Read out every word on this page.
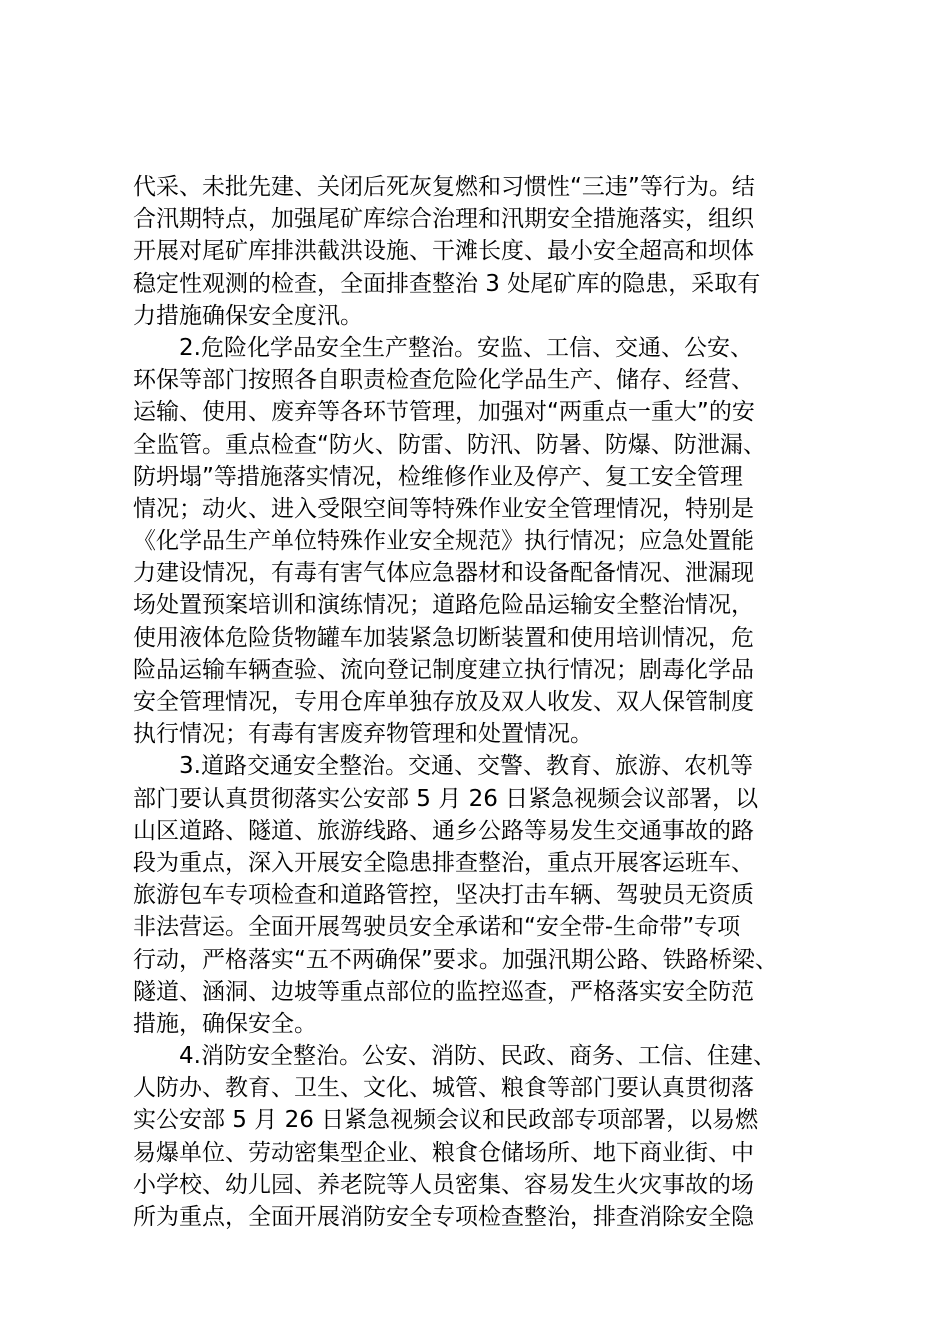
代采、未批先建、关闭后死灰复燃和习惯性“三违”等行为。结
合汛期特点，加强尾矿库综合治理和汛期安全措施落实，组织
开展对尾矿库排洪截洪设施、干滩长度、最小安全超高和坝体
稳定性观测的检查，全面排查整治 3 处尾矿库的隐患，采取有
力措施确保安全度汛。
2.危险化学品安全生产整治。安监、工信、交通、公安、
环保等部门按照各自职责检查危险化学品生产、储存、经营、
运输、使用、废弃等各环节管理，加强对“两重点一重大”的安
全监管。重点检查“防火、防雷、防汛、防暑、防爆、防泄漏、
防坍塌”等措施落实情况，检维修作业及停产、复工安全管理
情况；动火、进入受限空间等特殊作业安全管理情况，特别是
《化学品生产单位特殊作业安全规范》执行情况；应急处置能
力建设情况，有毒有害气体应急器材和设备配备情况、泄漏现
场处置预案培训和演练情况；道路危险品运输安全整治情况，
使用液体危险货物罐车加装紧急切断装置和使用培训情况，危
险品运输车辆查验、流向登记制度建立执行情况；剧毒化学品
安全管理情况，专用仓库单独存放及双人收发、双人保管制度
执行情况；有毒有害废弃物管理和处置情况。
3.道路交通安全整治。交通、交警、教育、旅游、农机等
部门要认真贯彻落实公安部 5 月 26 日紧急视频会议部署，以
山区道路、隧道、旅游线路、通乡公路等易发生交通事故的路
段为重点，深入开展安全隐患排查整治，重点开展客运班车、
旅游包车专项检查和道路管控，坚决打击车辆、驾驶员无资质
非法营运。全面开展驾驶员安全承诺和“安全带-生命带”专项
行动，严格落实“五不两确保”要求。加强汛期公路、铁路桥梁、
隧道、涵洞、边坡等重点部位的监控巡查，严格落实安全防范
措施，确保安全。
4.消防安全整治。公安、消防、民政、商务、工信、住建、
人防办、教育、卫生、文化、城管、粮食等部门要认真贯彻落
实公安部 5 月 26 日紧急视频会议和民政部专项部署，以易燃
易爆单位、劳动密集型企业、粮食仓储场所、地下商业街、中
小学校、幼儿园、养老院等人员密集、容易发生火灾事故的场
所为重点，全面开展消防安全专项检查整治，排查消除安全隐
